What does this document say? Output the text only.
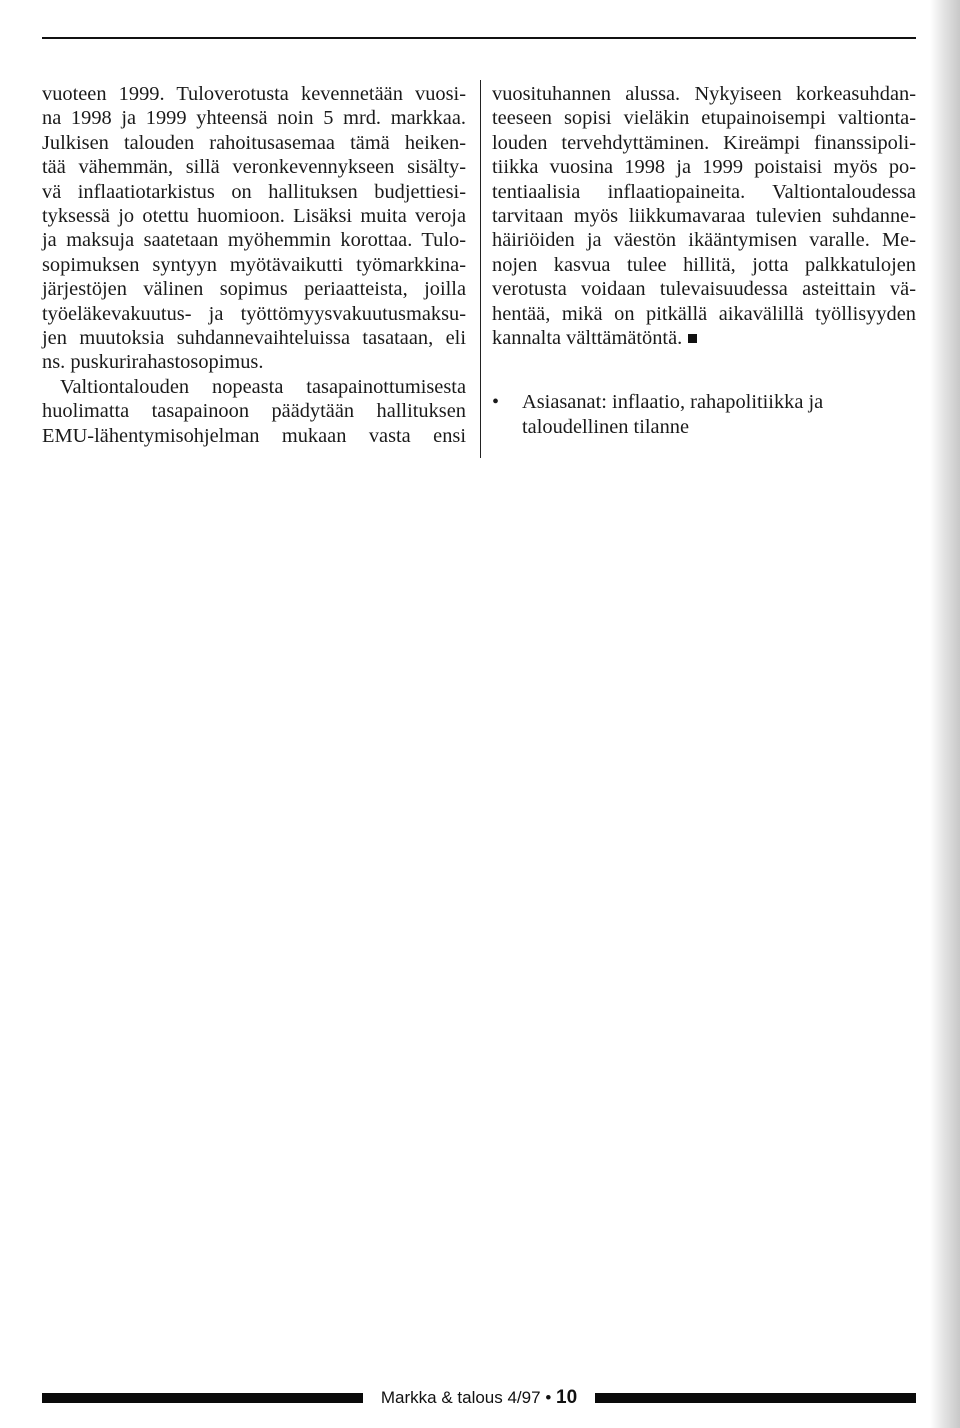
vuoteen 1999. Tuloverotusta kevennetään vuosi-
na 1998 ja 1999 yhteensä noin 5 mrd. markkaa.
Julkisen talouden rahoitusasemaa tämä heiken-
tää vähemmän, sillä veronkevennykseen sisälty-
vä inflaatiotarkistus on hallituksen budjettiesi-
tyksessä jo otettu huomioon. Lisäksi muita veroja
ja maksuja saatetaan myöhemmin korottaa. Tulo-
sopimuksen syntyyn myötävaikutti työmarkkina-
järjestöjen välinen sopimus periaatteista, joilla
työeläkevakuutus- ja työttömyysvakuutusmaksu-
jen muutoksia suhdannevaihteluissa tasataan, eli
ns. puskurirahastosopimus.

Valtiontalouden nopeasta tasapainottumisesta
huolimatta tasapainoon päädytään hallituksen
EMU-lähentymisohjelman mukaan vasta ensi

vuosituhannen alussa. Nykyiseen korkeasuhdan-
teeseen sopisi vieläkin etupainoisempi valtionta-
louden tervehdyttäminen. Kireämpi finanssipoli-
tiikka vuosina 1998 ja 1999 poistaisi myös po-
tentiaalisia inflaatiopaineita. Valtiontaloudessa
tarvitaan myös liikkumavaraa tulevien suhdanne-
häiriöiden ja väestön ikääntymisen varalle. Me-
nojen kasvua tulee hillitä, jotta palkkatulojen
verotusta voidaan tulevaisuudessa asteittain vä-
hentää, mikä on pitkällä aikavälillä työllisyyden
kannalta välttämätöntä.

• Asiasanat: inflaatio, rahapolitiikka ja
taloudellinen tilanne
Markka & talous 4/97 • 10
